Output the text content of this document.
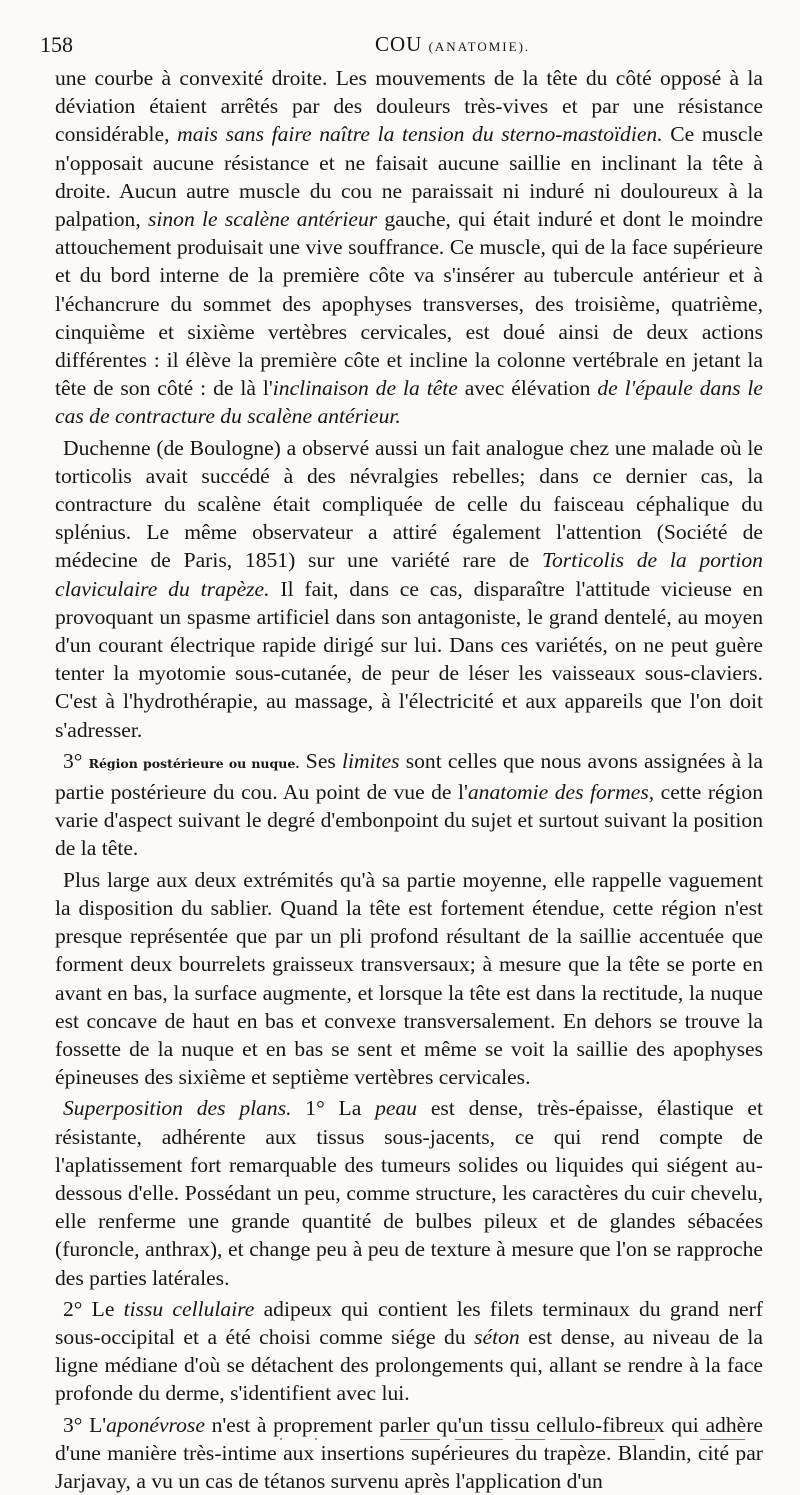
158	COU (ANATOMIE).

une courbe à convexité droite. Les mouvements de la tête du côté opposé à la déviation étaient arrêtés par des douleurs très-vives et par une résistance considérable, mais sans faire naître la tension du sterno-mastoïdien. Ce muscle n'opposait aucune résistance et ne faisait aucune saillie en inclinant la tête à droite. Aucun autre muscle du cou ne paraissait ni induré ni douloureux à la palpation, sinon le scalène antérieur gauche, qui était induré et dont le moindre attouchement produisait une vive souffrance. Ce muscle, qui de la face supérieure et du bord interne de la première côte va s'insérer au tubercule antérieur et à l'échancrure du sommet des apophyses transverses, des troisième, quatrième, cinquième et sixième vertèbres cervicales, est doué ainsi de deux actions différentes : il élève la première côte et incline la colonne vertébrale en jetant la tête de son côté : de là l'inclinaison de la tête avec élévation de l'épaule dans le cas de contracture du scalène antérieur.

Duchenne (de Boulogne) a observé aussi un fait analogue chez une malade où le torticolis avait succédé à des névralgies rebelles; dans ce dernier cas, la contracture du scalène était compliquée de celle du faisceau céphalique du splénius. Le même observateur a attiré également l'attention (Société de médecine de Paris, 1851) sur une variété rare de Torticolis de la portion claviculaire du trapèze. Il fait, dans ce cas, disparaître l'attitude vicieuse en provoquant un spasme artificiel dans son antagoniste, le grand dentelé, au moyen d'un courant électrique rapide dirigé sur lui. Dans ces variétés, on ne peut guère tenter la myotomie sous-cutanée, de peur de léser les vaisseaux sous-claviers. C'est à l'hydrothérapie, au massage, à l'électricité et aux appareils que l'on doit s'adresser.

3° Région postérieure ou nuque. Ses limites sont celles que nous avons assignées à la partie postérieure du cou. Au point de vue de l'anatomie des formes, cette région varie d'aspect suivant le degré d'embonpoint du sujet et surtout suivant la position de la tête.

Plus large aux deux extrémités qu'à sa partie moyenne, elle rappelle vaguement la disposition du sablier. Quand la tête est fortement étendue, cette région n'est presque représentée que par un pli profond résultant de la saillie accentuée que forment deux bourrelets graisseux transversaux; à mesure que la tête se porte en avant en bas, la surface augmente, et lorsque la tête est dans la rectitude, la nuque est concave de haut en bas et convexe transversalement. En dehors se trouve la fossette de la nuque et en bas se sent et même se voit la saillie des apophyses épineuses des sixième et septième vertèbres cervicales.

Superposition des plans. 1° La peau est dense, très-épaisse, élastique et résistante, adhérente aux tissus sous-jacents, ce qui rend compte de l'aplatissement fort remarquable des tumeurs solides ou liquides qui siégent au-dessous d'elle. Possédant un peu, comme structure, les caractères du cuir chevelu, elle renferme une grande quantité de bulbes pileux et de glandes sébacées (furoncle, anthrax), et change peu à peu de texture à mesure que l'on se rapproche des parties latérales.

2° Le tissu cellulaire adipeux qui contient les filets terminaux du grand nerf sous-occipital et a été choisi comme siége du séton est dense, au niveau de la ligne médiane d'où se détachent des prolongements qui, allant se rendre à la face profonde du derme, s'identifient avec lui.

3° L'aponévrose n'est à proprement parler qu'un tissu cellulo-fibreux qui adhère d'une manière très-intime aux insertions supérieures du trapèze. Blandin, cité par Jarjavay, a vu un cas de tétanos survenu après l'application d'un
